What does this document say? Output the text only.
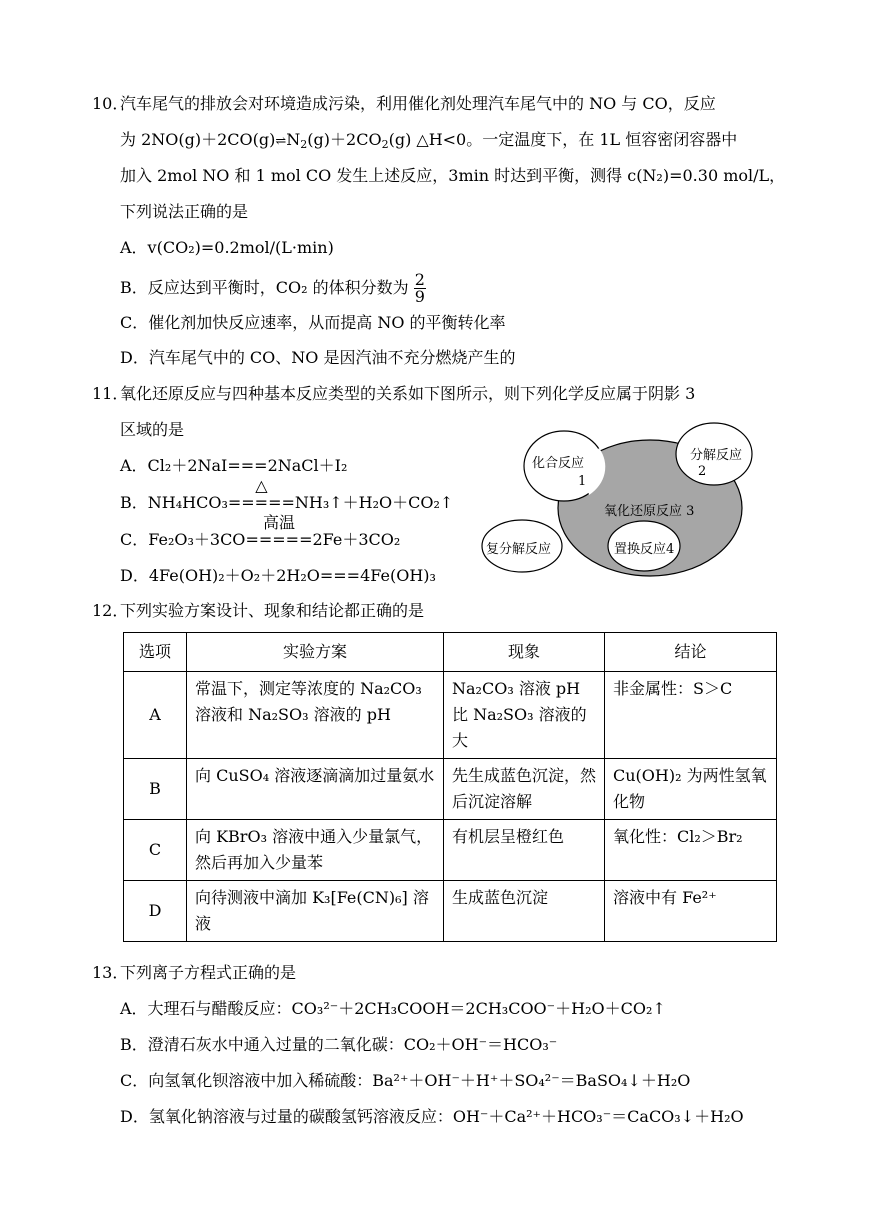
10．
汽车尾气的排放会对环境造成污染，利用催化剂处理汽车尾气中的 NO 与 CO，反应
为 $2NO(g)+2CO(g)\rightleftharpoons N_2(g)+2CO_2(g)$ △H<0。一定温度下，在 1L 恒容密闭容器中
加入 2mol NO 和 1 mol CO 发生上述反应，3min 时达到平衡，测得 c(N₂)=0.30 mol/L，
下列说法正确的是
A．v(CO₂)=0.2mol/(L·min)
B．反应达到平衡时，CO₂ 的体积分数为 $\frac{2}{9}$
C．催化剂加快反应速率，从而提高 NO 的平衡转化率
D．汽车尾气中的 CO、NO 是因汽油不充分燃烧产生的
11．
氧化还原反应与四种基本反应类型的关系如下图所示，则下列化学反应属于阴影 3
区域的是
A．Cl₂＋2NaI===2NaCl＋I₂
B．NH₄HCO₃
△
=====NH₃↑＋H₂O＋CO₂↑
C．Fe₂O₃＋3CO
高温
=====2Fe＋3CO₂
D．4Fe(OH)₂＋O₂＋2H₂O===4Fe(OH)₃
化合反应
1
分解反应
2
氧化还原反应 3
置换反应4
复分解反应
12．
下列实验方案设计、现象和结论都正确的是
选项	实验方案	现象	结论
A	常温下，测定等浓度的 Na₂CO₃ 溶液和 Na₂SO₃ 溶液的 pH	Na₂CO₃ 溶液 pH 比 Na₂SO₃ 溶液的大	非金属性：S＞C
B	向 CuSO₄ 溶液逐滴滴加过量氨水	先生成蓝色沉淀，然后沉淀溶解	Cu(OH)₂ 为两性氢氧化物
C	向 KBrO₃ 溶液中通入少量氯气，然后再加入少量苯	有机层呈橙红色	氧化性：Cl₂＞Br₂
D	向待测液中滴加 K₃[Fe(CN)₆] 溶液	生成蓝色沉淀	溶液中有 Fe²⁺
13．
下列离子方程式正确的是
A．大理石与醋酸反应：CO₃²⁻＋2CH₃COOH＝2CH₃COO⁻＋H₂O＋CO₂↑
B．澄清石灰水中通入过量的二氧化碳：CO₂＋OH⁻＝HCO₃⁻
C．向氢氧化钡溶液中加入稀硫酸：Ba²⁺＋OH⁻＋H⁺＋SO₄²⁻＝BaSO₄↓＋H₂O
D．氢氧化钠溶液与过量的碳酸氢钙溶液反应：OH⁻＋Ca²⁺＋HCO₃⁻＝CaCO₃↓＋H₂O
